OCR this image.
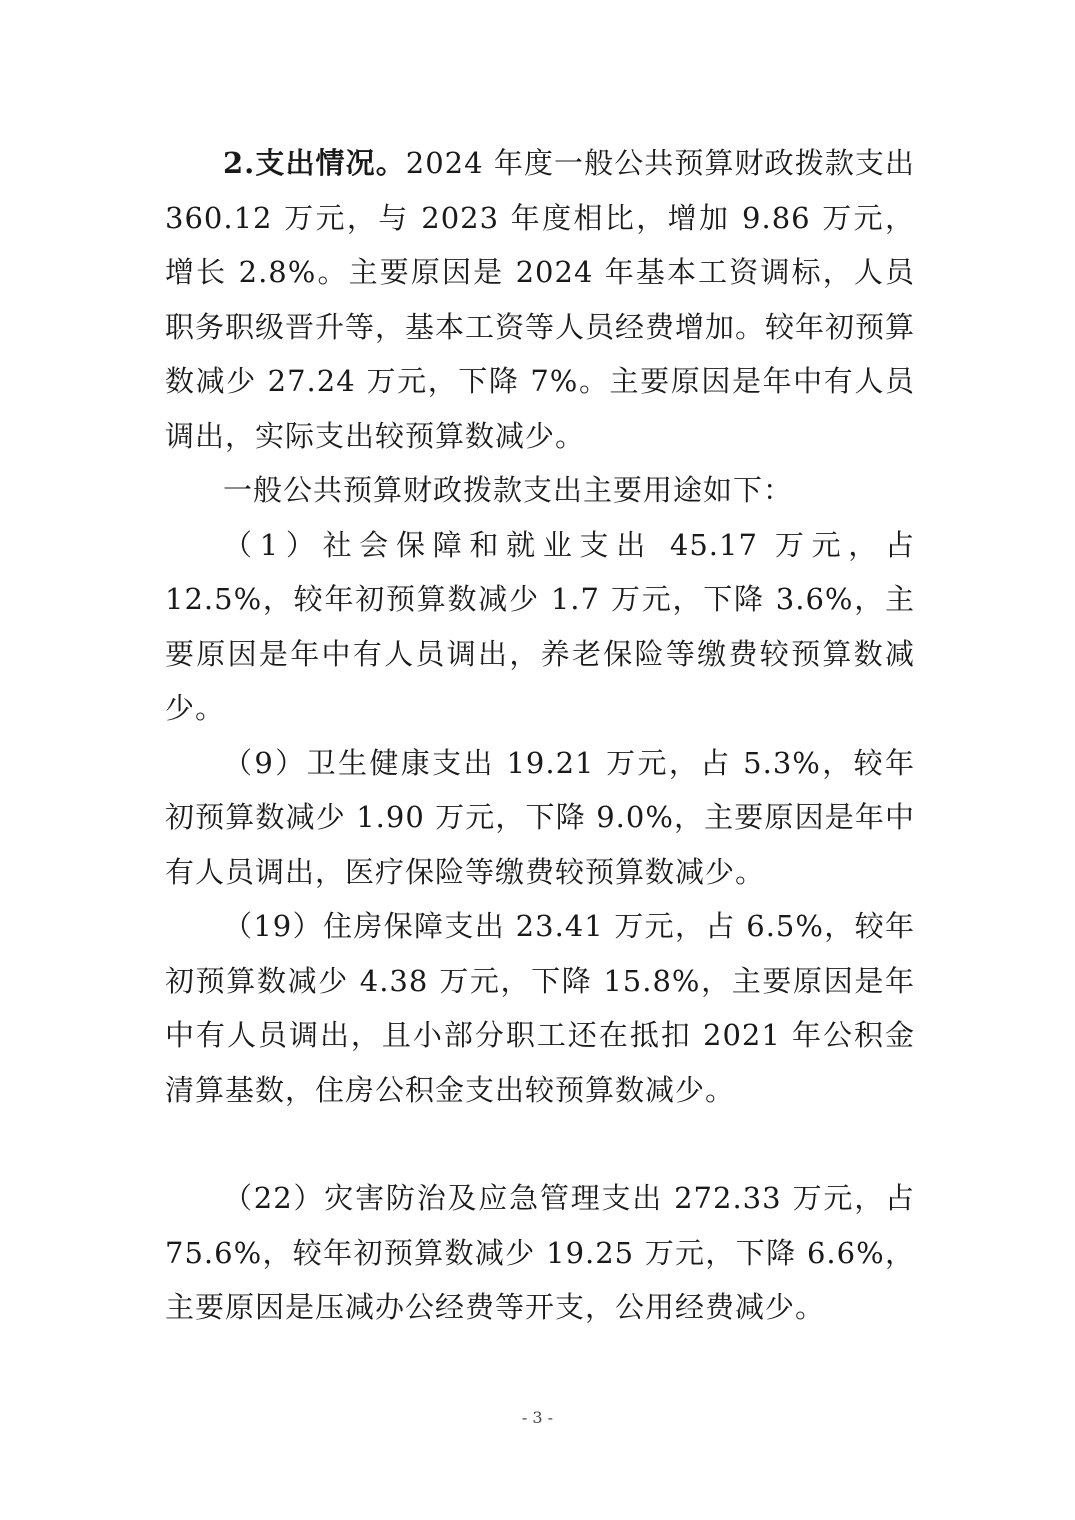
2.支出情况。2024 年度一般公共预算财政拨款支出 360.12 万元，与 2023 年度相比，增加 9.86 万元，增长 2.8%。主要原因是 2024 年基本工资调标，人员职务职级晋升等，基本工资等人员经费增加。较年初预算数减少 27.24 万元，下降 7%。主要原因是年中有人员调出，实际支出较预算数减少。

一般公共预算财政拨款支出主要用途如下：

（1）社会保障和就业支出 45.17 万元，占 12.5%，较年初预算数减少 1.7 万元，下降 3.6%，主要原因是年中有人员调出，养老保险等缴费较预算数减少。

（9）卫生健康支出 19.21 万元，占 5.3%，较年初预算数减少 1.90 万元，下降 9.0%，主要原因是年中有人员调出，医疗保险等缴费较预算数减少。

（19）住房保障支出 23.41 万元，占 6.5%，较年初预算数减少 4.38 万元，下降 15.8%，主要原因是年中有人员调出，且小部分职工还在抵扣 2021 年公积金清算基数，住房公积金支出较预算数减少。

（22）灾害防治及应急管理支出 272.33 万元，占 75.6%，较年初预算数减少 19.25 万元，下降 6.6%，主要原因是压减办公经费等开支，公用经费减少。

- 3 -
